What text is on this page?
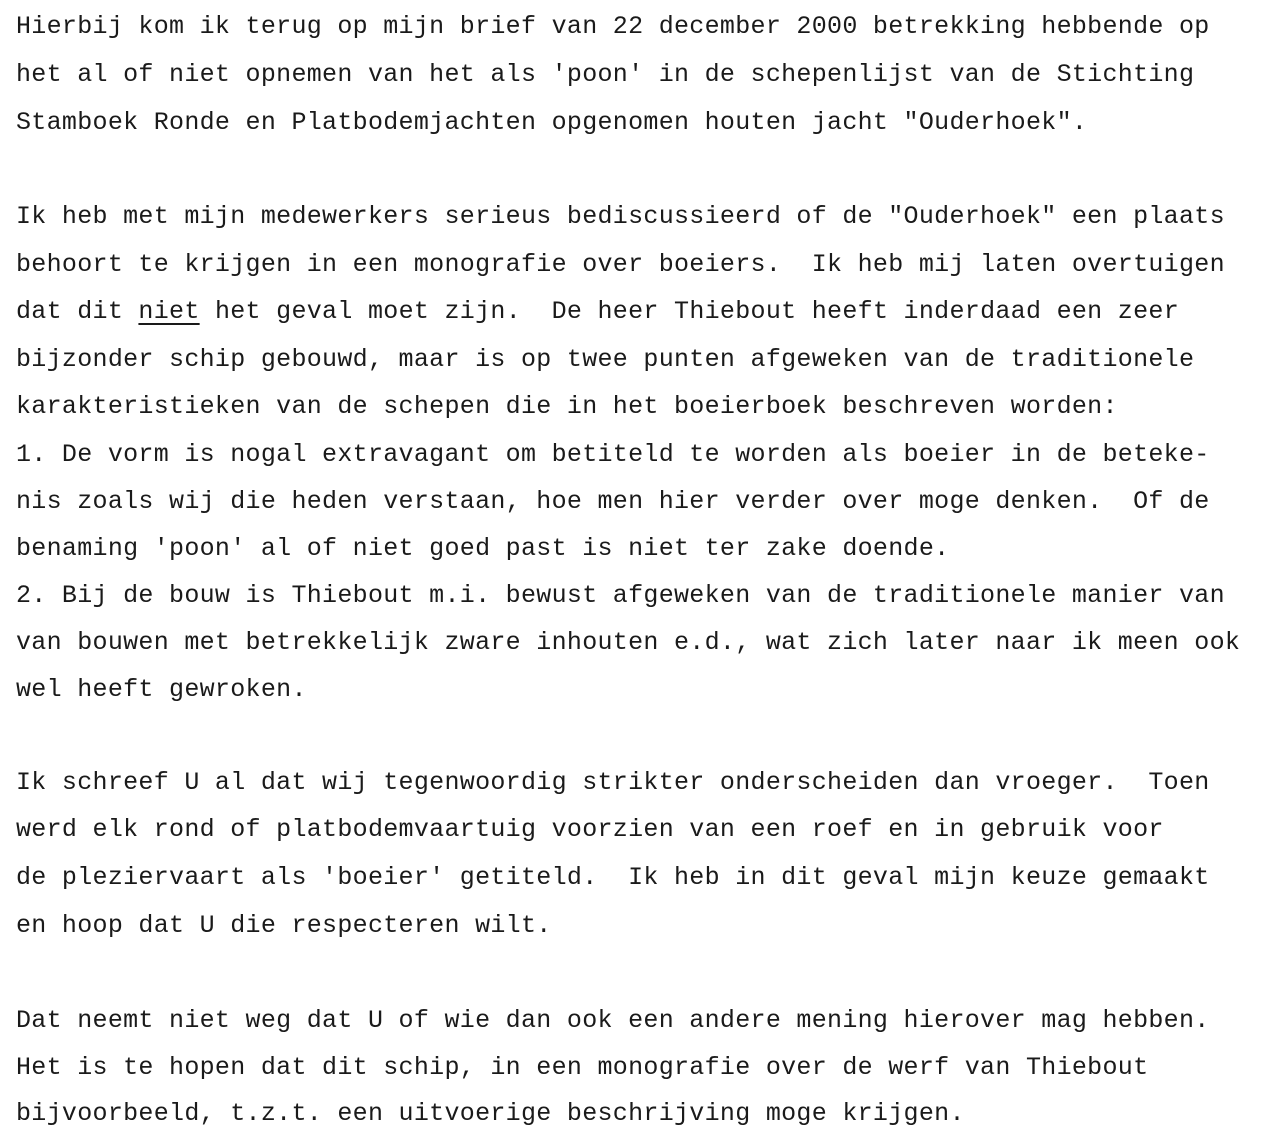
Hierbij kom ik terug op mijn brief van 22 december 2000 betrekking hebbende op
het al of niet opnemen van het als 'poon' in de schepenlijst van de Stichting
Stamboek Ronde en Platbodemjachten opgenomen houten jacht "Ouderhoek".
Ik heb met mijn medewerkers serieus bediscussieerd of de "Ouderhoek" een plaats
behoort te krijgen in een monografie over boeiers.  Ik heb mij laten overtuigen
dat dit niet het geval moet zijn.  De heer Thiebout heeft inderdaad een zeer
bijzonder schip gebouwd, maar is op twee punten afgeweken van de traditionele
karakteristieken van de schepen die in het boeierboek beschreven worden:
1. De vorm is nogal extravagant om betiteld te worden als boeier in de beteke-
nis zoals wij die heden verstaan, hoe men hier verder over moge denken.  Of de
benaming 'poon' al of niet goed past is niet ter zake doende.
2. Bij de bouw is Thiebout m.i. bewust afgeweken van de traditionele manier van
van bouwen met betrekkelijk zware inhouten e.d., wat zich later naar ik meen ook
wel heeft gewroken.
Ik schreef U al dat wij tegenwoordig strikter onderscheiden dan vroeger.  Toen
werd elk rond of platbodemvaartuig voorzien van een roef en in gebruik voor
de pleziervaart als 'boeier' getiteld.  Ik heb in dit geval mijn keuze gemaakt
en hoop dat U die respecteren wilt.
Dat neemt niet weg dat U of wie dan ook een andere mening hierover mag hebben.
Het is te hopen dat dit schip, in een monografie over de werf van Thiebout
bijvoorbeeld, t.z.t. een uitvoerige beschrijving moge krijgen.
